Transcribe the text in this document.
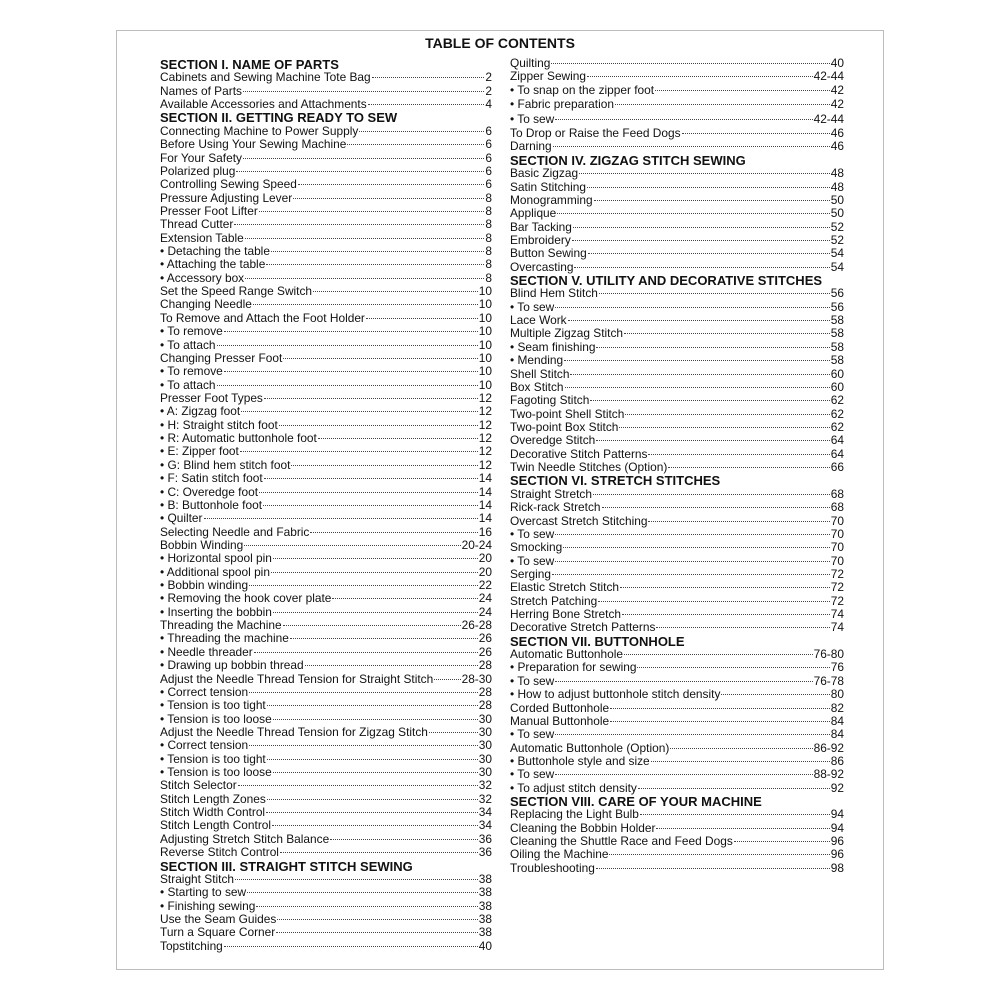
TABLE OF CONTENTS
SECTION I. NAME OF PARTS
Cabinets and Sewing Machine Tote Bag	2
Names of Parts	2
Available Accessories and Attachments	4
SECTION II. GETTING READY TO SEW
Connecting Machine to Power Supply	6
Before Using Your Sewing Machine	6
For Your Safety	6
Polarized plug	6
Controlling Sewing Speed	6
Pressure Adjusting Lever	8
Presser Foot Lifter	8
Thread Cutter	8
Extension Table	8
• Detaching the table	8
• Attaching the table	8
• Accessory box	8
Set the Speed Range Switch	10
Changing Needle	10
To Remove and Attach the Foot Holder	10
• To remove	10
• To attach	10
Changing Presser Foot	10
• To remove	10
• To attach	10
Presser Foot Types	12
• A: Zigzag foot	12
• H: Straight stitch foot	12
• R: Automatic buttonhole foot	12
• E: Zipper foot	12
• G: Blind hem stitch foot	12
• F: Satin stitch foot	14
• C: Overedge foot	14
• B: Buttonhole foot	14
• Quilter	14
Selecting Needle and Fabric	16
Bobbin Winding	20-24
• Horizontal spool pin	20
• Additional spool pin	20
• Bobbin winding	22
• Removing the hook cover plate	24
• Inserting the bobbin	24
Threading the Machine	26-28
• Threading the machine	26
• Needle threader	26
• Drawing up bobbin thread	28
Adjust the Needle Thread Tension for Straight Stitch 28-30
• Correct tension	28
• Tension is too tight	28
• Tension is too loose	30
Adjust the Needle Thread Tension for Zigzag Stitch	30
• Correct tension	30
• Tension is too tight	30
• Tension is too loose	30
Stitch Selector	32
Stitch Length Zones	32
Stitch Width Control	34
Stitch Length Control	34
Adjusting Stretch Stitch Balance	36
Reverse Stitch Control	36
SECTION III. STRAIGHT STITCH SEWING
Straight Stitch	38
• Starting to sew	38
• Finishing sewing	38
Use the Seam Guides	38
Turn a Square Corner	38
Topstitching	40
Quilting	40
Zipper Sewing	42-44
• To snap on the zipper foot	42
• Fabric preparation	42
• To sew	42-44
To Drop or Raise the Feed Dogs	46
Darning	46
SECTION IV. ZIGZAG STITCH SEWING
Basic Zigzag	48
Satin Stitching	48
Monogramming	50
Applique	50
Bar Tacking	52
Embroidery	52
Button Sewing	54
Overcasting	54
SECTION V. UTILITY AND DECORATIVE STITCHES
Blind Hem Stitch	56
• To sew	56
Lace Work	58
Multiple Zigzag Stitch	58
• Seam finishing	58
• Mending	58
Shell Stitch	60
Box Stitch	60
Fagoting Stitch	62
Two-point Shell Stitch	62
Two-point Box Stitch	62
Overedge Stitch	64
Decorative Stitch Patterns	64
Twin Needle Stitches (Option)	66
SECTION VI. STRETCH STITCHES
Straight Stretch	68
Rick-rack Stretch	68
Overcast Stretch Stitching	70
• To sew	70
Smocking	70
• To sew	70
Serging	72
Elastic Stretch Stitch	72
Stretch Patching	72
Herring Bone Stretch	74
Decorative Stretch Patterns	74
SECTION VII. BUTTONHOLE
Automatic Buttonhole	76-80
• Preparation for sewing	76
• To sew	76-78
• How to adjust buttonhole stitch density	80
Corded Buttonhole	82
Manual Buttonhole	84
• To sew	84
Automatic Buttonhole (Option)	86-92
• Buttonhole style and size	86
• To sew	88-92
• To adjust stitch density	92
SECTION VIII. CARE OF YOUR MACHINE
Replacing the Light Bulb	94
Cleaning the Bobbin Holder	94
Cleaning the Shuttle Race and Feed Dogs	96
Oiling the Machine	96
Troubleshooting	98
